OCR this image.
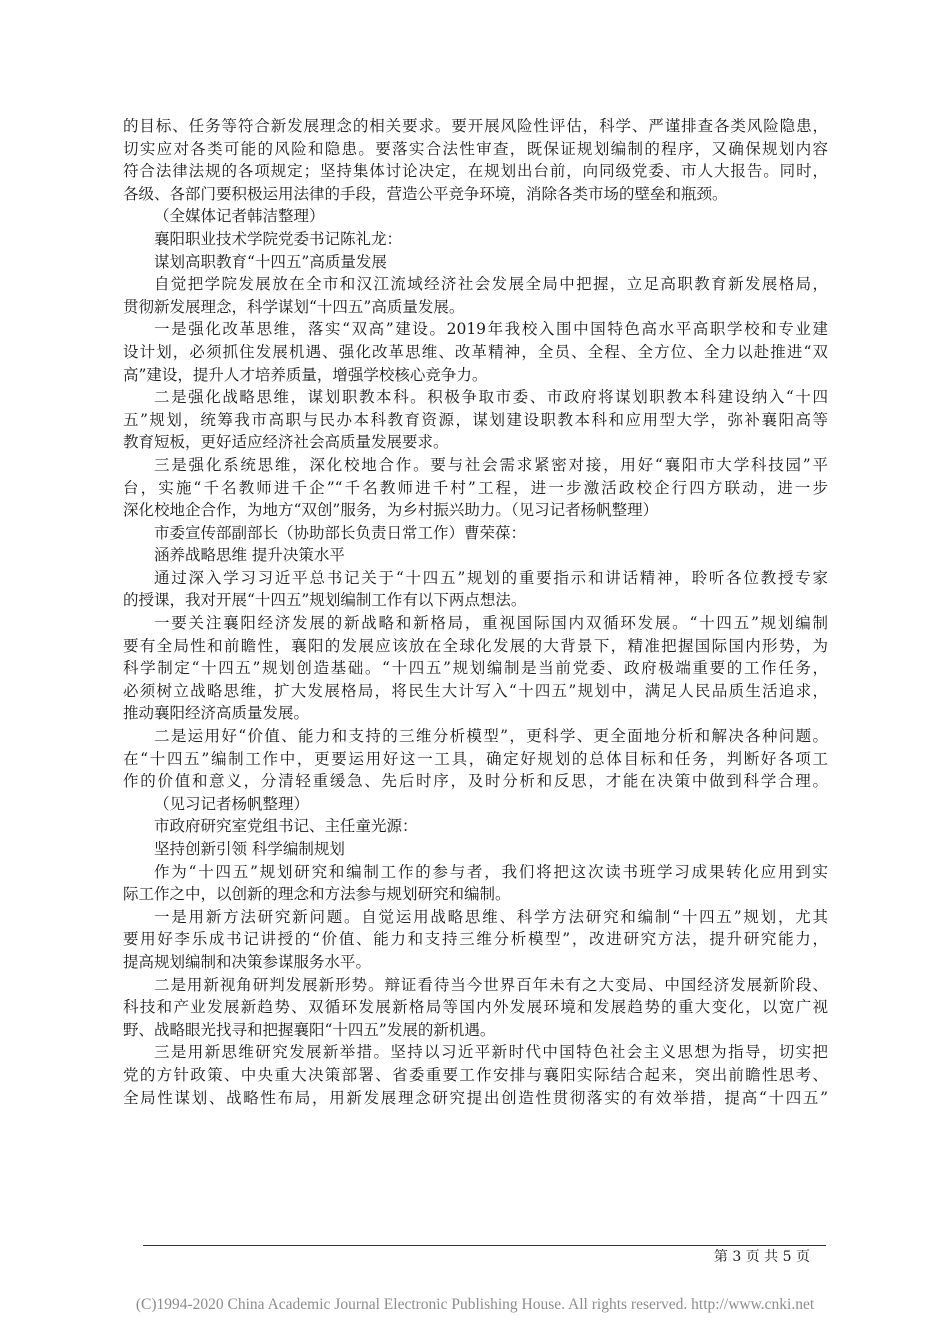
的目标、任务等符合新发展理念的相关要求。要开展风险性评估，科学、严谨排查各类风险隐患，
切实应对各类可能的风险和隐患。要落实合法性审查，既保证规划编制的程序，又确保规划内容
符合法律法规的各项规定；坚持集体讨论决定，在规划出台前，向同级党委、市人大报告。同时，
各级、各部门要积极运用法律的手段，营造公平竞争环境，消除各类市场的壁垒和瓶颈。
（全媒体记者韩洁整理）
襄阳职业技术学院党委书记陈礼龙：
谋划高职教育“十四五”高质量发展
自觉把学院发展放在全市和汉江流域经济社会发展全局中把握，立足高职教育新发展格局，
贯彻新发展理念，科学谋划“十四五”高质量发展。
一是强化改革思维，落实“双高”建设。2019年我校入围中国特色高水平高职学校和专业建
设计划，必须抓住发展机遇、强化改革思维、改革精神，全员、全程、全方位、全力以赴推进“双
高”建设，提升人才培养质量，增强学校核心竞争力。
二是强化战略思维，谋划职教本科。积极争取市委、市政府将谋划职教本科建设纳入“十四
五”规划，统筹我市高职与民办本科教育资源，谋划建设职教本科和应用型大学，弥补襄阳高等
教育短板，更好适应经济社会高质量发展要求。
三是强化系统思维，深化校地合作。要与社会需求紧密对接，用好“襄阳市大学科技园”平
台，实施“千名教师进千企”“千名教师进千村”工程，进一步激活政校企行四方联动，进一步
深化校地企合作，为地方“双创”服务，为乡村振兴助力。（见习记者杨帆整理）
市委宣传部副部长（协助部长负责日常工作）曹荣葆：
涵养战略思维 提升决策水平
通过深入学习习近平总书记关于“十四五”规划的重要指示和讲话精神，聆听各位教授专家
的授课，我对开展“十四五”规划编制工作有以下两点想法。
一要关注襄阳经济发展的新战略和新格局，重视国际国内双循环发展。“十四五”规划编制
要有全局性和前瞻性，襄阳的发展应该放在全球化发展的大背景下，精准把握国际国内形势，为
科学制定“十四五”规划创造基础。“十四五”规划编制是当前党委、政府极端重要的工作任务，
必须树立战略思维，扩大发展格局，将民生大计写入“十四五”规划中，满足人民品质生活追求，
推动襄阳经济高质量发展。
二是运用好“价值、能力和支持的三维分析模型”，更科学、更全面地分析和解决各种问题。
在“十四五”编制工作中，更要运用好这一工具，确定好规划的总体目标和任务，判断好各项工
作的价值和意义，分清轻重缓急、先后时序，及时分析和反思，才能在决策中做到科学合理。
（见习记者杨帆整理）
市政府研究室党组书记、主任童光源：
坚持创新引领 科学编制规划
作为“十四五”规划研究和编制工作的参与者，我们将把这次读书班学习成果转化应用到实
际工作之中，以创新的理念和方法参与规划研究和编制。
一是用新方法研究新问题。自觉运用战略思维、科学方法研究和编制“十四五”规划，尤其
要用好李乐成书记讲授的“价值、能力和支持三维分析模型”，改进研究方法，提升研究能力，
提高规划编制和决策参谋服务水平。
二是用新视角研判发展新形势。辩证看待当今世界百年未有之大变局、中国经济发展新阶段、
科技和产业发展新趋势、双循环发展新格局等国内外发展环境和发展趋势的重大变化，以宽广视
野、战略眼光找寻和把握襄阳“十四五”发展的新机遇。
三是用新思维研究发展新举措。坚持以习近平新时代中国特色社会主义思想为指导，切实把
党的方针政策、中央重大决策部署、省委重要工作安排与襄阳实际结合起来，突出前瞻性思考、
全局性谋划、战略性布局，用新发展理念研究提出创造性贯彻落实的有效举措，提高“十四五”
第 3 页 共 5 页
(C)1994-2020 China Academic Journal Electronic Publishing House. All rights reserved. http://www.cnki.net
